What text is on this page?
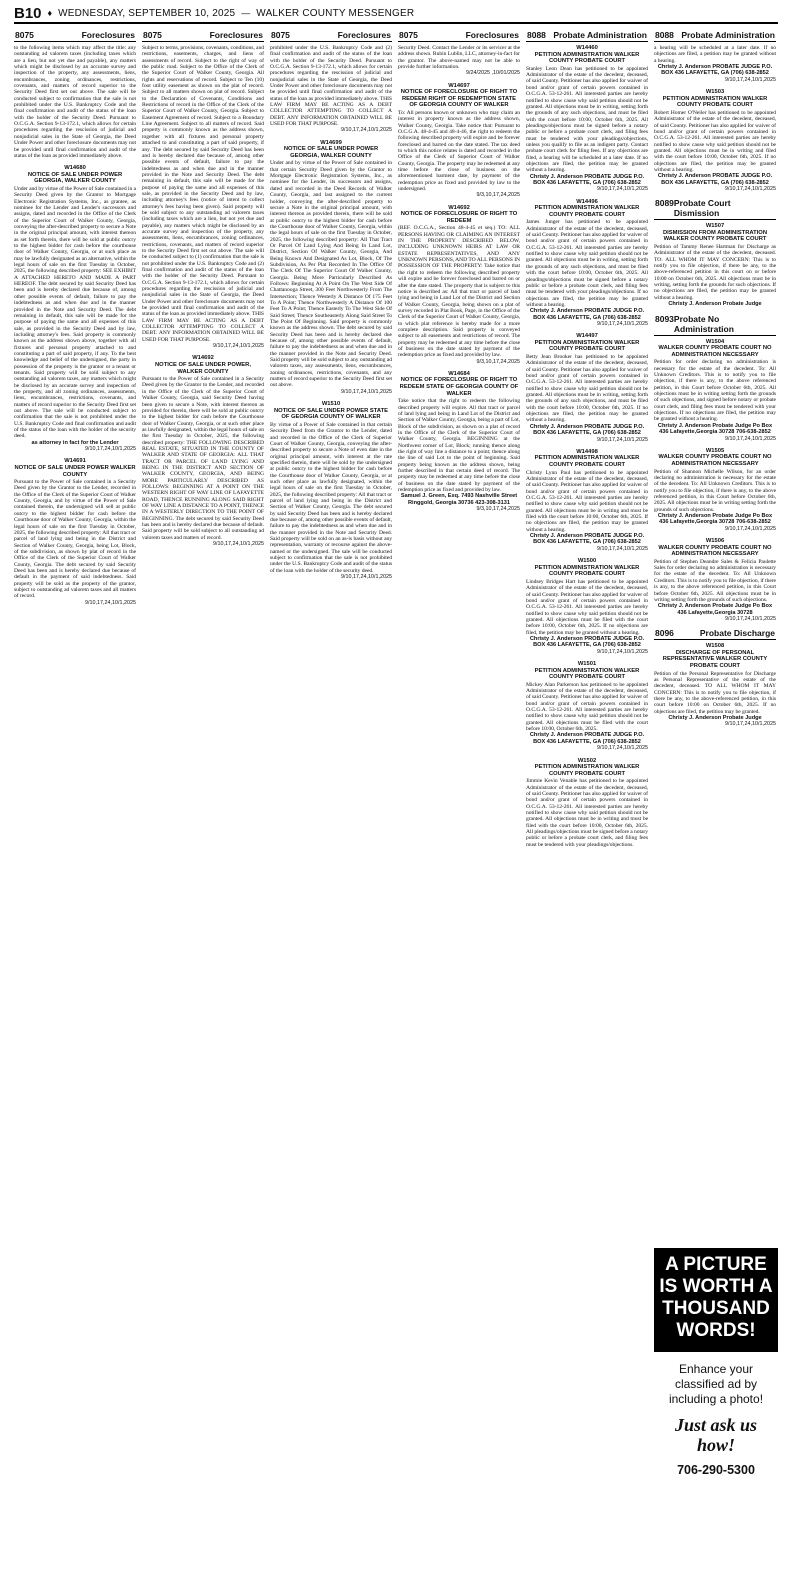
B10 ♦ WEDNESDAY, SEPTEMBER 10, 2025 — WALKER COUNTY MESSENGER
8075	Foreclosures
to the following items which may affect the title: any outstanding ad valorem taxes (including taxes which are a lien, but not yet due and payable), any matters which might be disclosed by an accurate survey and inspection of the property, any assessments, liens, encumbrances, zoning ordinances, restrictions, covenants, and matters of record superior to the Security Deed first set out above. The sale will be conducted subject to confirmation that the sale is not prohibited under the U.S. Bankruptcy Code and the final confirmation and audit of the status of the loan with the holder of the Security Deed. Pursuant to O.C.G.A. Section 9-13-172.1, which allows for certain procedures regarding the rescission of judicial and nonjudicial sales in the State of Georgia, the Deed Under Power and other foreclosure documents may not be provided until final confirmation and audit of the status of the loan as provided immediately above.
W14680
NOTICE OF SALE UNDER POWER GEORGIA, WALKER COUNTY
Under and by virtue of the Power of Sale contained in a Security Deed given by the Grantor to Mortgage Electronic Registration Systems, Inc., as grantee, as nominee for the Lender and Lender's successors and assigns, dated and recorded in the Office of the Clerk of the Superior Court of Walker County, Georgia, conveying the after-described property to secure a Note in the original principal amount, with interest thereon as set forth therein, there will be sold at public outcry to the highest bidder for cash before the courthouse door of Walker County, Georgia, or at such place as may be lawfully designated as an alternative, within the legal hours of sale on the first Tuesday in October, 2025, the following described property: SEE EXHIBIT A ATTACHED HERETO AND MADE A PART HEREOF. The debt secured by said Security Deed has been and is hereby declared due because of, among other possible events of default, failure to pay the indebtedness as and when due and in the manner provided in the Note and Security Deed. The debt remaining in default, this sale will be made for the purpose of paying the same and all expenses of this sale, as provided in the Security Deed and by law, including attorney's fees. Said property is commonly known as the address shown above, together with all fixtures and personal property attached to and constituting a part of said property, if any. To the best knowledge and belief of the undersigned, the party in possession of the property is the grantor or a tenant or tenants. Said property will be sold subject to any outstanding ad valorem taxes, any matters which might be disclosed by an accurate survey and inspection of the property, and all zoning ordinances, assessments, liens, encumbrances, restrictions, covenants, and matters of record superior to the Security Deed first set out above. The sale will be conducted subject to confirmation that the sale is not prohibited under the U.S. Bankruptcy Code and final confirmation and audit of the status of the loan with the holder of the security deed.
as attorney in fact for the Lender
9/10,17,24,10/1,2025
W14691
NOTICE OF SALE UNDER POWER WALKER COUNTY
Pursuant to the Power of Sale contained in a Security Deed given by the Grantor to the Lender, recorded in the Office of the Clerk of the Superior Court of Walker County, Georgia, and by virtue of the Power of Sale contained therein, the undersigned will sell at public outcry to the highest bidder for cash before the Courthouse door of Walker County, Georgia, within the legal hours of sale on the first Tuesday in October, 2025, the following described property: All that tract or parcel of land lying and being in the District and Section of Walker County, Georgia, being Lot, Block, of the subdivision, as shown by plat of record in the Office of the Clerk of the Superior Court of Walker County, Georgia. The debt secured by said Security Deed has been and is hereby declared due because of default in the payment of said indebtedness. Said property will be sold as the property of the grantor, subject to outstanding ad valorem taxes and all matters of record.
9/10,17,24,10/1,2025
8075	Foreclosures
Subject to terms, provisions, covenants, conditions, and restrictions, easements, charges, and liens of assessments of record. Subject to the right of way of the public road. Subject to the Office of the Clerk of the Superior Court of Walker County, Georgia. All rights and reservations of record. Subject to Ten (10) foot utility easement as shown on the plat of record. Subject to all matters shown on plat of record. Subject to the Declaration of Covenants, Conditions and Restrictions of record in the Office of the Clerk of the Superior Court of Walker County, Georgia. Subject to Easement Agreement of record. Subject to a Boundary Line Agreement. Subject to all matters of record. Said property is commonly known as the address shown, together with all fixtures and personal property attached to and constituting a part of said property, if any. The debt secured by said Security Deed has been and is hereby declared due because of, among other possible events of default, failure to pay the indebtedness as and when due and in the manner provided in the Note and Security Deed. The debt remaining in default, this sale will be made for the purpose of paying the same and all expenses of this sale, as provided in the Security Deed and by law, including attorney's fees (notice of intent to collect attorney's fees having been given). Said property will be sold subject to any outstanding ad valorem taxes (including taxes which are a lien, but not yet due and payable), any matters which might be disclosed by an accurate survey and inspection of the property, any assessments, liens, encumbrances, zoning ordinances, restrictions, covenants, and matters of record superior to the Security Deed first set out above. The sale will be conducted subject to (1) confirmation that the sale is not prohibited under the U.S. Bankruptcy Code and (2) final confirmation and audit of the status of the loan with the holder of the Security Deed. Pursuant to O.C.G.A. Section 9-13-172.1, which allows for certain procedures regarding the rescission of judicial and nonjudicial sales in the State of Georgia, the Deed Under Power and other foreclosure documents may not be provided until final confirmation and audit of the status of the loan as provided immediately above. THIS LAW FIRM MAY BE ACTING AS A DEBT COLLECTOR ATTEMPTING TO COLLECT A DEBT. ANY INFORMATION OBTAINED WILL BE USED FOR THAT PURPOSE.
9/10,17,24,10/1,2025
W14692
NOTICE OF SALE UNDER POWER, WALKER COUNTY
Pursuant to the Power of Sale contained in a Security Deed given by the Grantor to the Lender, and recorded in the Office of the Clerk of the Superior Court of Walker County, Georgia, said Security Deed having been given to secure a Note, with interest thereon as provided for therein, there will be sold at public outcry to the highest bidder for cash before the Courthouse door of Walker County, Georgia, or at such other place as lawfully designated, within the legal hours of sale on the first Tuesday in October, 2025, the following described property: THE FOLLOWING DESCRIBED REAL ESTATE, SITUATED IN THE COUNTY OF WALKER AND STATE OF GEORGIA: ALL THAT TRACT OR PARCEL OF LAND LYING AND BEING IN THE DISTRICT AND SECTION OF WALKER COUNTY, GEORGIA, AND BEING MORE PARTICULARLY DESCRIBED AS FOLLOWS: BEGINNING AT A POINT ON THE WESTERN RIGHT OF WAY LINE OF LAFAYETTE ROAD, THENCE RUNNING ALONG SAID RIGHT OF WAY LINE A DISTANCE TO A POINT, THENCE IN A WESTERLY DIRECTION TO THE POINT OF BEGINNING. The debt secured by said Security Deed has been and is hereby declared due because of default. Said property will be sold subject to all outstanding ad valorem taxes and matters of record.
9/10,17,24,10/1,2025
8075	Foreclosures
prohibited under the U.S. Bankruptcy Code and (2) final confirmation and audit of the status of the loan with the holder of the Security Deed. Pursuant to O.C.G.A. Section 9-13-172.1, which allows for certain procedures regarding the rescission of judicial and nonjudicial sales in the State of Georgia, the Deed Under Power and other foreclosure documents may not be provided until final confirmation and audit of the status of the loan as provided immediately above. THIS LAW FIRM MAY BE ACTING AS A DEBT COLLECTOR ATTEMPTING TO COLLECT A DEBT. ANY INFORMATION OBTAINED WILL BE USED FOR THAT PURPOSE.
9/10,17,24,10/1,2025
W14699
NOTICE OF SALE UNDER POWER GEORGIA, WALKER COUNTY
Under and by virtue of the Power of Sale contained in that certain Security Deed given by the Grantor to Mortgage Electronic Registration Systems, Inc., as nominee for the Lender, its successors and assigns, dated and recorded in the Deed Records of Walker County, Georgia, and last assigned to the current holder, conveying the after-described property to secure a Note in the original principal amount, with interest thereon as provided therein, there will be sold at public outcry to the highest bidder for cash before the Courthouse door of Walker County, Georgia, within the legal hours of sale on the first Tuesday in October, 2025, the following described property: All That Tract Or Parcel Of Land Lying And Being In Land Lot, District, Section Of Walker County, Georgia, And Being Known And Designated As Lot, Block, Of The Subdivision, As Per Plat Recorded In The Office Of The Clerk Of The Superior Court Of Walker County, Georgia. Being More Particularly Described As Follows: Beginning At A Point On The West Side Of Chattanooga Street, 300 Feet Northwesterly From The Intersection; Thence Westerly A Distance Of 175 Feet To A Point; Thence Northwesterly A Distance Of 100 Feet To A Point; Thence Easterly To The West Side Of Said Street; Thence Southeasterly Along Said Street To The Point Of Beginning. Said property is commonly known as the address shown. The debt secured by said Security Deed has been and is hereby declared due because of, among other possible events of default, failure to pay the indebtedness as and when due and in the manner provided in the Note and Security Deed. Said property will be sold subject to any outstanding ad valorem taxes, any assessments, liens, encumbrances, zoning ordinances, restrictions, covenants, and any matters of record superior to the Security Deed first set out above.
9/10,17,24,10/1,2025
W1510
NOTICE OF SALE UNDER POWER STATE OF GEORGIA COUNTY OF WALKER
By virtue of a Power of Sale contained in that certain Security Deed from the Grantor to the Lender, dated and recorded in the Office of the Clerk of Superior Court of Walker County, Georgia, conveying the after-described property to secure a Note of even date in the original principal amount, with interest at the rate specified therein, there will be sold by the undersigned at public outcry to the highest bidder for cash before the Courthouse door of Walker County, Georgia, or at such other place as lawfully designated, within the legal hours of sale on the first Tuesday in October, 2025, the following described property: All that tract or parcel of land lying and being in the District and Section of Walker County, Georgia. The debt secured by said Security Deed has been and is hereby declared due because of, among other possible events of default, failure to pay the indebtedness as and when due and in the manner provided in the Note and Security Deed. Said property will be sold on an as-is basis without any representation, warranty or recourse against the above-named or the undersigned. The sale will be conducted subject to confirmation that the sale is not prohibited under the U.S. Bankruptcy Code and audit of the status of the loan with the holder of the security deed.
9/10,17,24,10/1,2025
8075	Foreclosures
Security Deed. Contact the Lender or its servicer at the address shown. Rubin Lublin, LLC, attorney-in-fact for the grantor. The above-named may not be able to provide further information.
9/24/2025 ,10/01/2025
W14697
NOTICE OF FORECLOSURE OF RIGHT TO REDEEM RIGHT OF REDEMPTION STATE OF GEORGIA COUNTY OF WALKER
To: All persons known or unknown who may claim an interest in property known as the address shown, Walker County, Georgia. Take notice that: Pursuant to O.C.G.A. 48-4-45 and 48-4-46, the right to redeem the following described property will expire and be forever foreclosed and barred on the date stated. The tax deed to which this notice relates is dated and recorded in the Office of the Clerk of Superior Court of Walker County, Georgia. The property may be redeemed at any time before the close of business on the aforementioned barment date, by payment of the redemption price as fixed and provided by law to the undersigned.
9/3,10,17,24,2025
W14692
NOTICE OF FORECLOSURE OF RIGHT TO REDEEM
(REF. O.C.G.A., Section 48-4-45 et seq.) TO: ALL PERSONS HAVING OR CLAIMING AN INTEREST IN THE PROPERTY DESCRIBED BELOW, INCLUDING UNKNOWN HEIRS AT LAW OR ESTATE REPRESENTATIVES, AND ANY UNKNOWN PERSONS, AND TO ALL PERSONS IN POSSESSION OF THE PROPERTY: Take notice that the right to redeem the following described property will expire and be forever foreclosed and barred on or after the date stated. The property that is subject to this notice is described as: All that tract or parcel of land lying and being in Land Lot of the District and Section of Walker County, Georgia, being shown on a plat of survey recorded in Plat Book, Page, in the Office of the Clerk of the Superior Court of Walker County, Georgia, to which plat reference is hereby made for a more complete description. Said property is conveyed subject to all easements and restrictions of record. The property may be redeemed at any time before the close of business on the date stated by payment of the redemption price as fixed and provided by law.
9/3,10,17,24,2025
W14684
NOTICE OF FORECLOSURE OF RIGHT TO REDEEM STATE OF GEORGIA COUNTY OF WALKER
Take notice that the right to redeem the following described property will expire. All that tract or parcel of land lying and being in Land Lot of the District and Section of Walker County, Georgia, being a part of Lot, Block of the subdivision, as shown on a plat of record in the Office of the Clerk of the Superior Court of Walker County, Georgia. BEGINNING at the Northwest corner of Lot, Block; running thence along the right of way line a distance to a point; thence along the line of said Lot to the point of beginning. Said property being known as the address shown, being further described in that certain deed of record. The property may be redeemed at any time before the close of business on the date stated by payment of the redemption price as fixed and provided by law.
Samuel J. Green, Esq. 7493 Nashville Street Ringgold, Georgia 30736 423-308-3131
9/3,10,17,24,2025
8088 Probate Administration
W14460
PETITION ADMINISTRATION WALKER COUNTY PROBATE COURT
Stanley Leon Dean has petitioned to be appointed Administrator of the estate of the decedent, deceased, of said County. Petitioner has also applied for waiver of bond and/or grant of certain powers contained in O.C.G.A. 53-12-261. All interested parties are hereby notified to show cause why said petition should not be granted. All objections must be in writing, setting forth the grounds of any such objections, and must be filed with the court before 10:00, October 6th, 2025. All pleadings/objections must be signed before a notary public or before a probate court clerk, and filing fees must be tendered with your pleadings/objections, unless you qualify to file as an indigent party. Contact probate court clerk for filing fees. If any objections are filed, a hearing will be scheduled at a later date. If no objections are filed, the petition may be granted without a hearing.
Christy J. Anderson PROBATE JUDGE P.O. BOX 436 LAFAYETTE, GA (706) 638-2852
9/10,17,24,10/1,2025
W14496
PETITION ADMINISTRATION WALKER COUNTY PROBATE COURT
James Junger has petitioned to be appointed Administrator of the estate of the decedent, deceased, of said County. Petitioner has also applied for waiver of bond and/or grant of certain powers contained in O.C.G.A. 53-12-261. All interested parties are hereby notified to show cause why said petition should not be granted. All objections must be in writing, setting forth the grounds of any such objections, and must be filed with the court before 10:00, October 6th, 2025. All pleadings/objections must be signed before a notary public or before a probate court clerk, and filing fees must be tendered with your pleadings/objections. If no objections are filed, the petition may be granted without a hearing.
Christy J. Anderson PROBATE JUDGE P.O. BOX 436 LAFAYETTE, GA (706) 638-2852
9/10,17,24,10/1,2025
W14497
PETITION ADMINISTRATION WALKER COUNTY PROBATE COURT
Betty Jean Brooker has petitioned to be appointed Administrator of the estate of the decedent, deceased, of said County. Petitioner has also applied for waiver of bond and/or grant of certain powers contained in O.C.G.A. 53-12-261. All interested parties are hereby notified to show cause why said petition should not be granted. All objections must be in writing, setting forth the grounds of any such objections, and must be filed with the court before 10:00, October 6th, 2025. If no objections are filed, the petition may be granted without a hearing.
Christy J. Anderson PROBATE JUDGE P.O. BOX 436 LAFAYETTE, GA (706) 638-2852
9/10,17,24,10/1,2025
W14498
PETITION ADMINISTRATION WALKER COUNTY PROBATE COURT
Christy Lynn Paul has petitioned to be appointed Administrator of the estate of the decedent, deceased, of said County. Petitioner has also applied for waiver of bond and/or grant of certain powers contained in O.C.G.A. 53-12-261. All interested parties are hereby notified to show cause why said petition should not be granted. All objections must be in writing and must be filed with the court before 10:00, October 6th, 2025. If no objections are filed, the petition may be granted without a hearing.
Christy J. Anderson PROBATE JUDGE P.O. BOX 436 LAFAYETTE, GA (706) 638-2852
9/10,17,24,10/1,2025
W1500
PETITION ADMINISTRATION WALKER COUNTY PROBATE COURT
Lindsey Bridges Hart has petitioned to be appointed Administrator of the estate of the decedent, deceased, of said County. Petitioner has also applied for waiver of bond and/or grant of certain powers contained in O.C.G.A. 53-12-261. All interested parties are hereby notified to show cause why said petition should not be granted. All objections must be filed with the court before 10:00, October 6th, 2025. If no objections are filed, the petition may be granted without a hearing.
Christy J. Anderson PROBATE JUDGE P.O. BOX 436 LAFAYETTE, GA (706) 638-2852
9/10,17,24,10/1,2025
W1501
PETITION ADMINISTRATION WALKER COUNTY PROBATE COURT
Mickey Alan Parkerson has petitioned to be appointed Administrator of the estate of the decedent, deceased, of said County. Petitioner has also applied for waiver of bond and/or grant of certain powers contained in O.C.G.A. 53-12-261. All interested parties are hereby notified to show cause why said petition should not be granted. All objections must be filed with the court before 10:00, October 6th, 2025.
Christy J. Anderson PROBATE JUDGE P.O. BOX 436 LAFAYETTE, GA (706) 638-2852
9/10,17,24,10/1,2025
W1502
PETITION ADMINISTRATION WALKER COUNTY PROBATE COURT
Jimmie Kevin Venable has petitioned to be appointed Administrator of the estate of the decedent, deceased, of said County. Petitioner has also applied for waiver of bond and/or grant of certain powers contained in O.C.G.A. 53-12-261. All interested parties are hereby notified to show cause why said petition should not be granted. All objections must be in writing and must be filed with the court before 10:00, October 6th, 2025. All pleadings/objections must be signed before a notary public or before a probate court clerk, and filing fees must be tendered with your pleadings/objections.
8088 Probate Administration
a hearing will be scheduled at a later date. If no objections are filed, a petition may be granted without a hearing.
Christy J. Anderson PROBATE JUDGE P.O. BOX 436 LAFAYETTE, GA (706) 638-2852
9/10,17,24,10/1,2025
W1503
PETITION ADMINISTRATION WALKER COUNTY PROBATE COURT
Robert Homer O'Neiler has petitioned to be appointed Administrator of the estate of the decedent, deceased, of said County. Petitioner has also applied for waiver of bond and/or grant of certain powers contained in O.C.G.A. 53-12-261. All interested parties are hereby notified to show cause why said petition should not be granted. All objections must be in writing and filed with the court before 10:00, October 6th, 2025. If no objections are filed, the petition may be granted without a hearing.
Christy J. Anderson PROBATE JUDGE P.O. BOX 436 LAFAYETTE, GA (706) 638-2852
9/10,17,24,10/1,2025
8089 Probate Court Dismission
W1507
DISMISSION FROM ADMINISTRATION WALKER COUNTY PROBATE COURT
Petition of Tammy Renee Hartman for Discharge as Administrator of the estate of the decedent, deceased. TO: ALL WHOM IT MAY CONCERN: This is to notify you to file objection, if there be any, to the above-referenced petition in this court on or before 10:00 on October 6th, 2025. All objections must be in writing, setting forth the grounds for such objections. If no objections are filed, the petition may be granted without a hearing.
Christy J. Anderson Probate Judge
8093 Probate No Administration
W1504
WALKER COUNTY PROBATE COURT NO ADMINISTRATION NECESSARY
Petition for order declaring no administration is necessary for the estate of the decedent. To: All Unknown Creditors. This is to notify you to file objection, if there is any, to the above referenced petition, in this Court before October 6th, 2025. All objections must be in writing setting forth the grounds of such objections, and signed before notary or probate court clerk, and filing fees must be tendered with your objections. If no objections are filed, the petition may be granted without a hearing.
Christy J. Anderson Probate Judge Po Box 436 Lafayette,Georgia 30728 706-638-2852
9/10,17,24,10/1,2025
W1505
WALKER COUNTY PROBATE COURT NO ADMINISTRATION NECESSARY
Petition of Shannon Michelle Wilson, for an order declaring no administration is necessary for the estate of the decedent. To: All Unknown Creditors. This is to notify you to file objection, if there is any, to the above referenced petition, in this Court before October 6th, 2025. All objections must be in writing setting forth the grounds of such objections.
Christy J. Anderson Probate Judge Po Box 436 Lafayette,Georgia 30728 706-638-2852
9/10,17,24,10/1,2025
W1506
WALKER COUNTY PROBATE COURT NO ADMINISTRATION NECESSARY
Petition of Stephen Deandre Sales & Felicia Paulette Sales for order declaring no administration is necessary for the estate of the decedent. To: All Unknown Creditors. This is to notify you to file objection, if there is any, to the above referenced petition, in this Court before October 6th, 2025. All objections must be in writing setting forth the grounds of such objections.
Christy J. Anderson Probate Judge Po Box 436 Lafayette,Georgia 30728
9/10,17,24,10/1,2025
8096	Probate Discharge
W1508
DISCHARGE OF PERSONAL REPRESENTATIVE WALKER COUNTY PROBATE COURT
Petition of the Personal Representative for Discharge as Personal Representative of the estate of the decedent, deceased. TO ALL WHOM IT MAY CONCERN: This is to notify you to file objection, if there be any, to the above-referenced petition, in this court before 10:00 on October 6th, 2025. If no objections are filed, the petition may be granted.
Christy J. Anderson Probate Judge
9/10,17,24,10/1,2025
A PICTURE IS WORTH A THOUSAND WORDS!
Enhance your classified ad by including a photo!
Just ask us how!
706-290-5300
